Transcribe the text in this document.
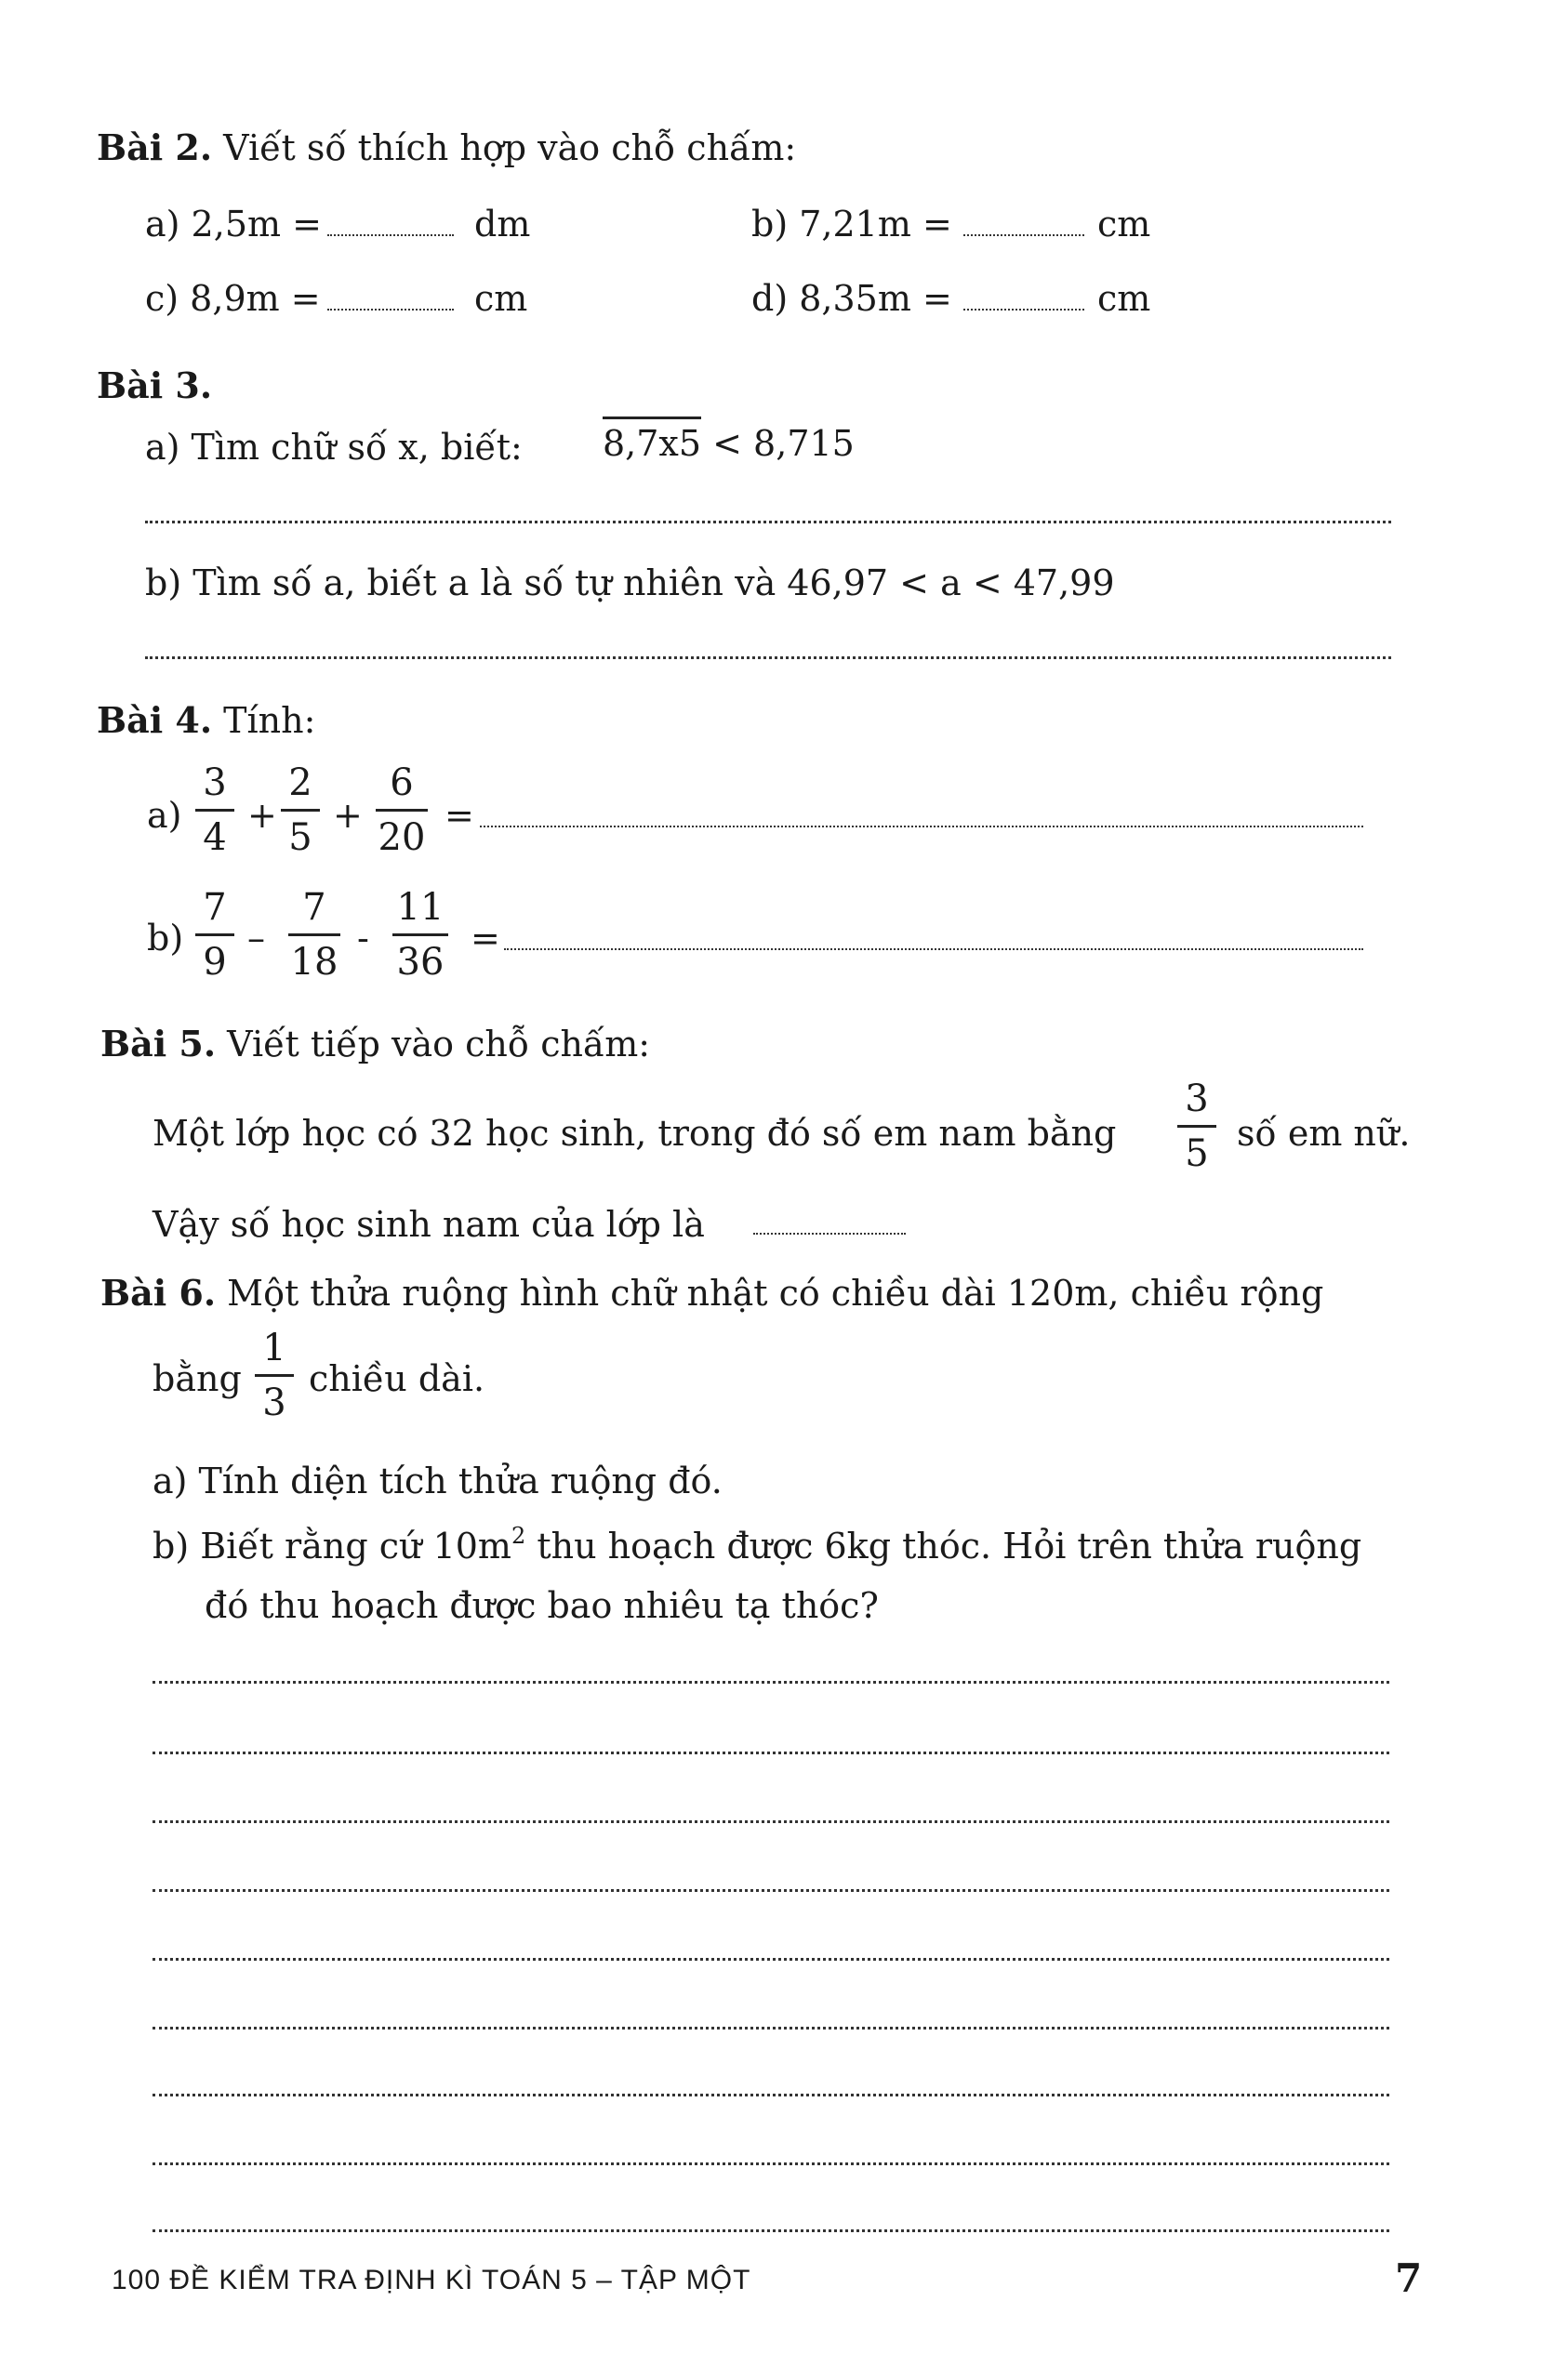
Bài 2. Viết số thích hợp vào chỗ chấm:
a) 2,5m =	dm	b) 7,21m =	cm
c) 8,9m =	cm	d) 8,35m =	cm
Bài 3.
a) Tìm chữ số x, biết: 8,7x5 < 8,715
b) Tìm số a, biết a là số tự nhiên và 46,97 < a < 47,99
Bài 4. Tính:
a)
3
4
+
2
5
+
6
20
=
b)
7
9
–
7
18
-
11
36
=
Bài 5. Viết tiếp vào chỗ chấm:
Một lớp học có 32 học sinh, trong đó số em nam bằng
3
5 số em nữ.
Vậy số học sinh nam của lớp là
Bài 6. Một thửa ruộng hình chữ nhật có chiều dài 120m, chiều rộng
bằng
1
3
chiều dài.
a) Tính diện tích thửa ruộng đó.
b) Biết rằng cứ $10m^2$ thu hoạch được 6kg thóc. Hỏi trên thửa ruộng
đó thu hoạch được bao nhiêu tạ thóc?
100 ĐỀ KIỂM TRA ĐỊNH KÌ TOÁN 5 – TẬP MỘT	7
